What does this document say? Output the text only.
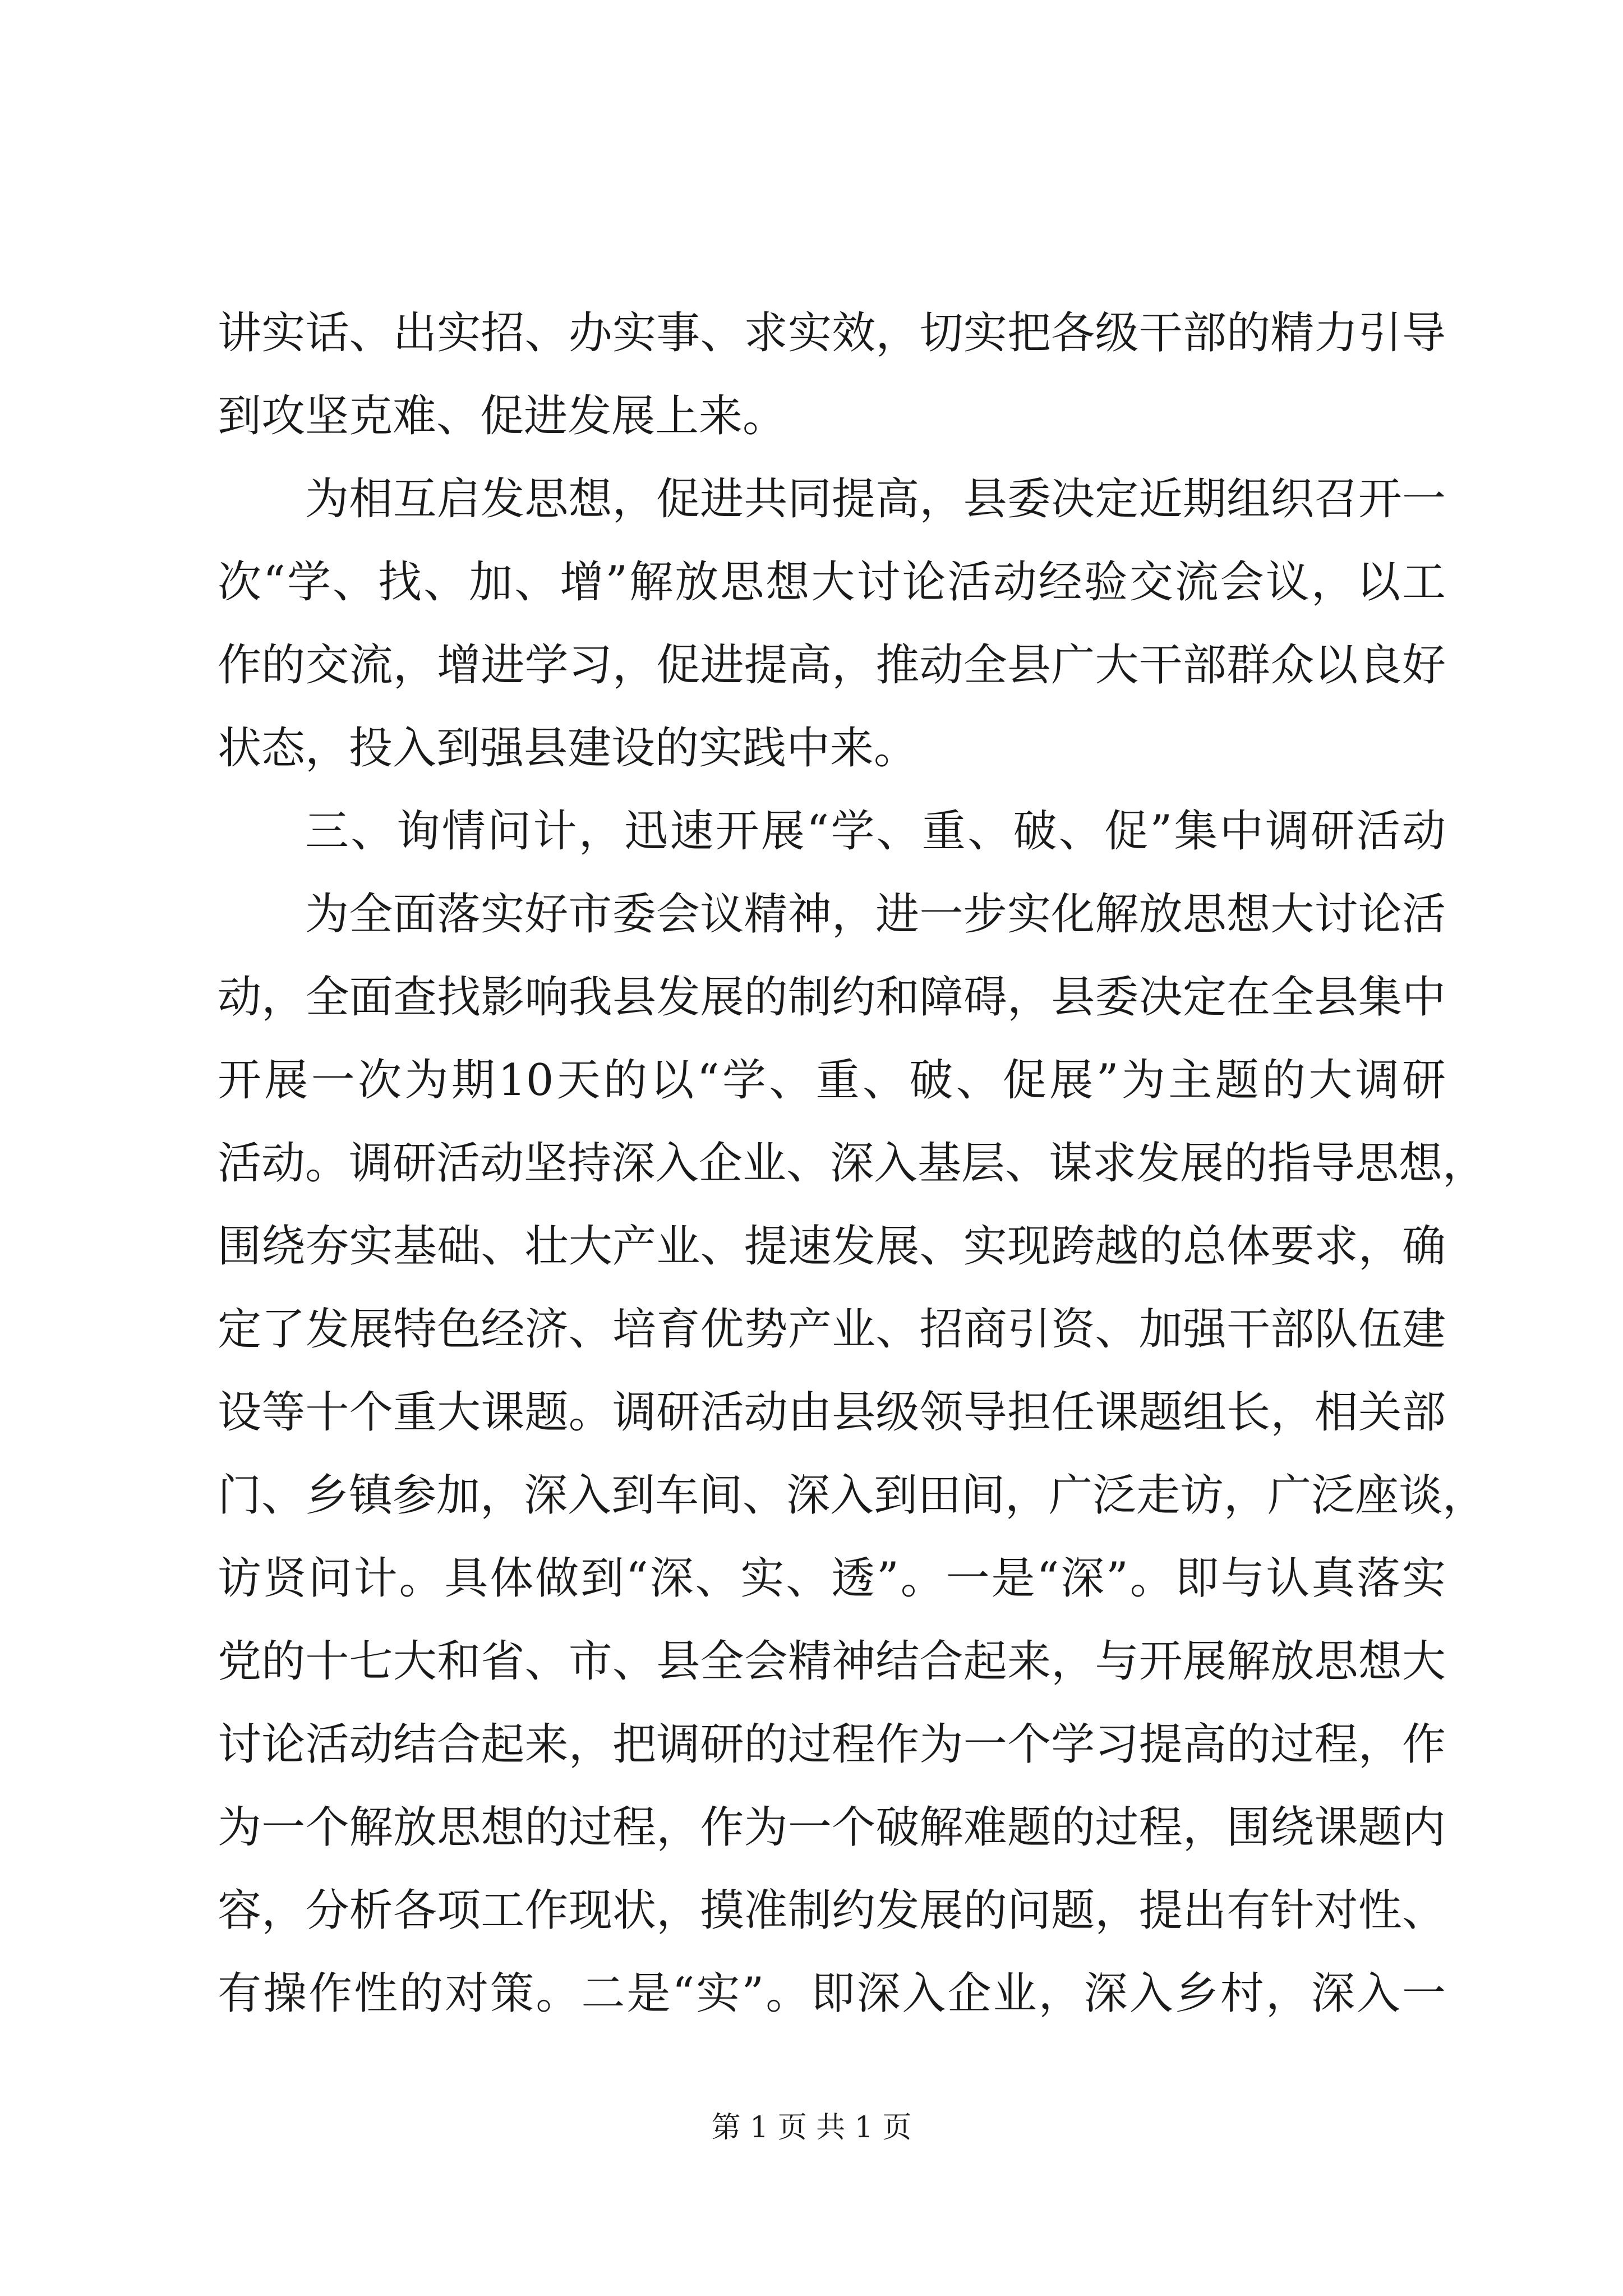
讲实话、出实招、办实事、求实效，切实把各级干部的精力引导
到攻坚克难、促进发展上来。
为相互启发思想，促进共同提高，县委决定近期组织召开一
次“学、找、加、增”解放思想大讨论活动经验交流会议，以工
作的交流，增进学习，促进提高，推动全县广大干部群众以良好
状态，投入到强县建设的实践中来。
三、询情问计，迅速开展“学、重、破、促”集中调研活动
为全面落实好市委会议精神，进一步实化解放思想大讨论活
动，全面查找影响我县发展的制约和障碍，县委决定在全县集中
开展一次为期10天的以“学、重、破、促展”为主题的大调研
活动。调研活动坚持深入企业、深入基层、谋求发展的指导思想，
围绕夯实基础、壮大产业、提速发展、实现跨越的总体要求，确
定了发展特色经济、培育优势产业、招商引资、加强干部队伍建
设等十个重大课题。调研活动由县级领导担任课题组长，相关部
门、乡镇参加，深入到车间、深入到田间，广泛走访，广泛座谈，
访贤问计。具体做到“深、实、透”。一是“深”。即与认真落实
党的十七大和省、市、县全会精神结合起来，与开展解放思想大
讨论活动结合起来，把调研的过程作为一个学习提高的过程，作
为一个解放思想的过程，作为一个破解难题的过程，围绕课题内
容，分析各项工作现状，摸准制约发展的问题，提出有针对性、
有操作性的对策。二是“实”。即深入企业，深入乡村，深入一
第 1 页 共 1 页
